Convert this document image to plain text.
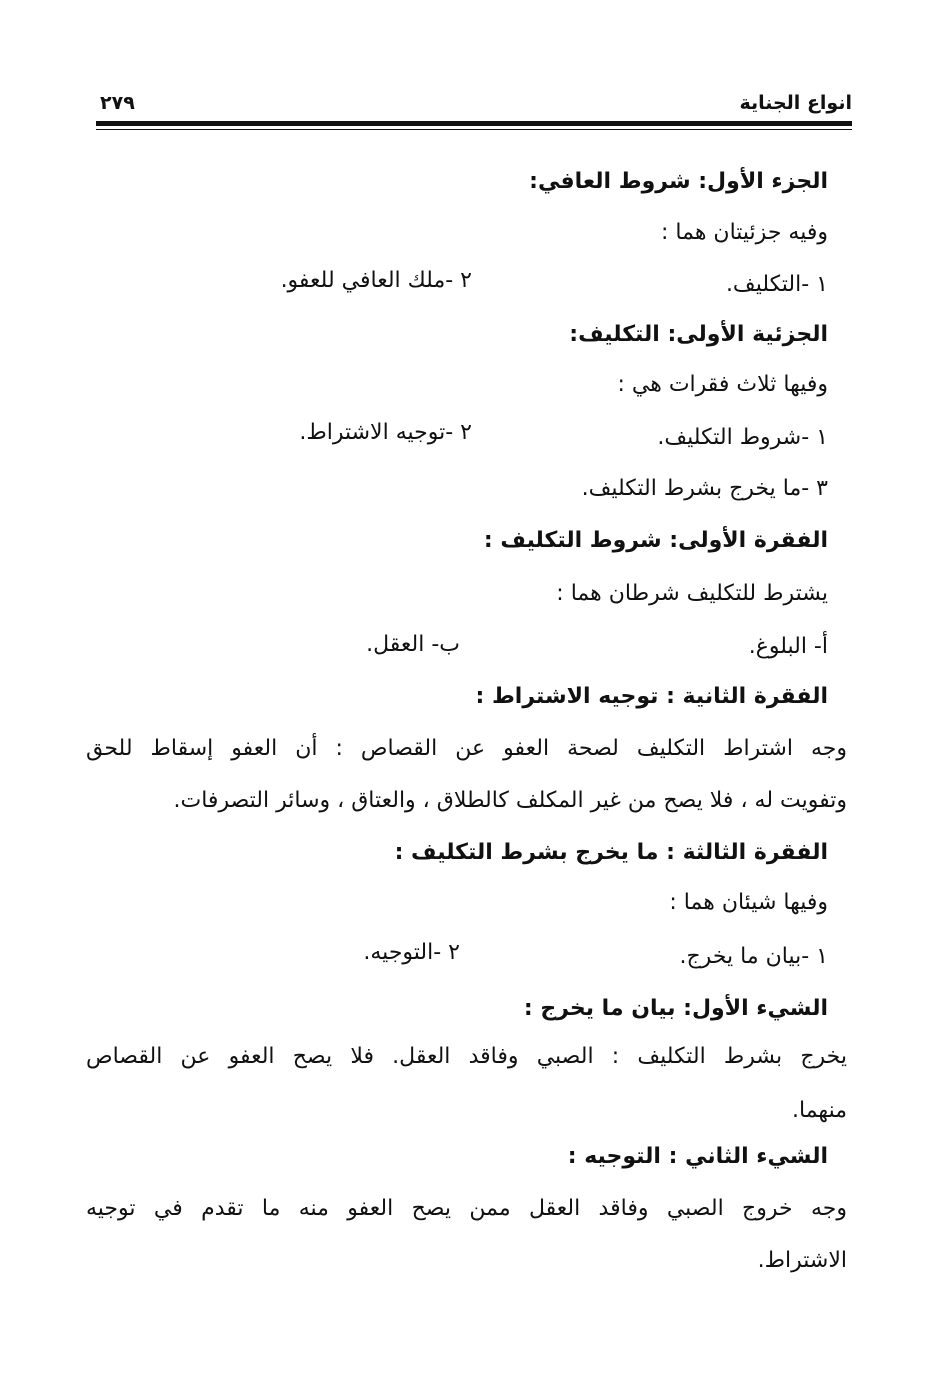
انواع الجناية
٢٧٩
الجزء الأول: شروط العافي:
وفيه جزئيتان هما :
١ -التكليف.
٢ -ملك العافي للعفو.
الجزئية الأولى: التكليف:
وفيها ثلاث فقرات هي :
١ -شروط التكليف.
٢ -توجيه الاشتراط.
٣ -ما يخرج بشرط التكليف.
الفقرة الأولى: شروط التكليف :
يشترط للتكليف شرطان هما :
أ- البلوغ.
ب- العقل.
الفقرة الثانية : توجيه الاشتراط :
وجه اشتراط التكليف لصحة العفو عن القصاص : أن العفو إسقاط للحق
وتفويت له ، فلا يصح من غير المكلف كالطلاق ، والعتاق ، وسائر التصرفات.
الفقرة الثالثة : ما يخرج بشرط التكليف :
وفيها شيئان هما :
١ -بيان ما يخرج.
٢ -التوجيه.
الشيء الأول: بيان ما يخرج :
يخرج بشرط التكليف : الصبي وفاقد العقل. فلا يصح العفو عن القصاص
منهما.
الشيء الثاني : التوجيه :
وجه خروج الصبي وفاقد العقل ممن يصح العفو منه ما تقدم في توجيه
الاشتراط.
